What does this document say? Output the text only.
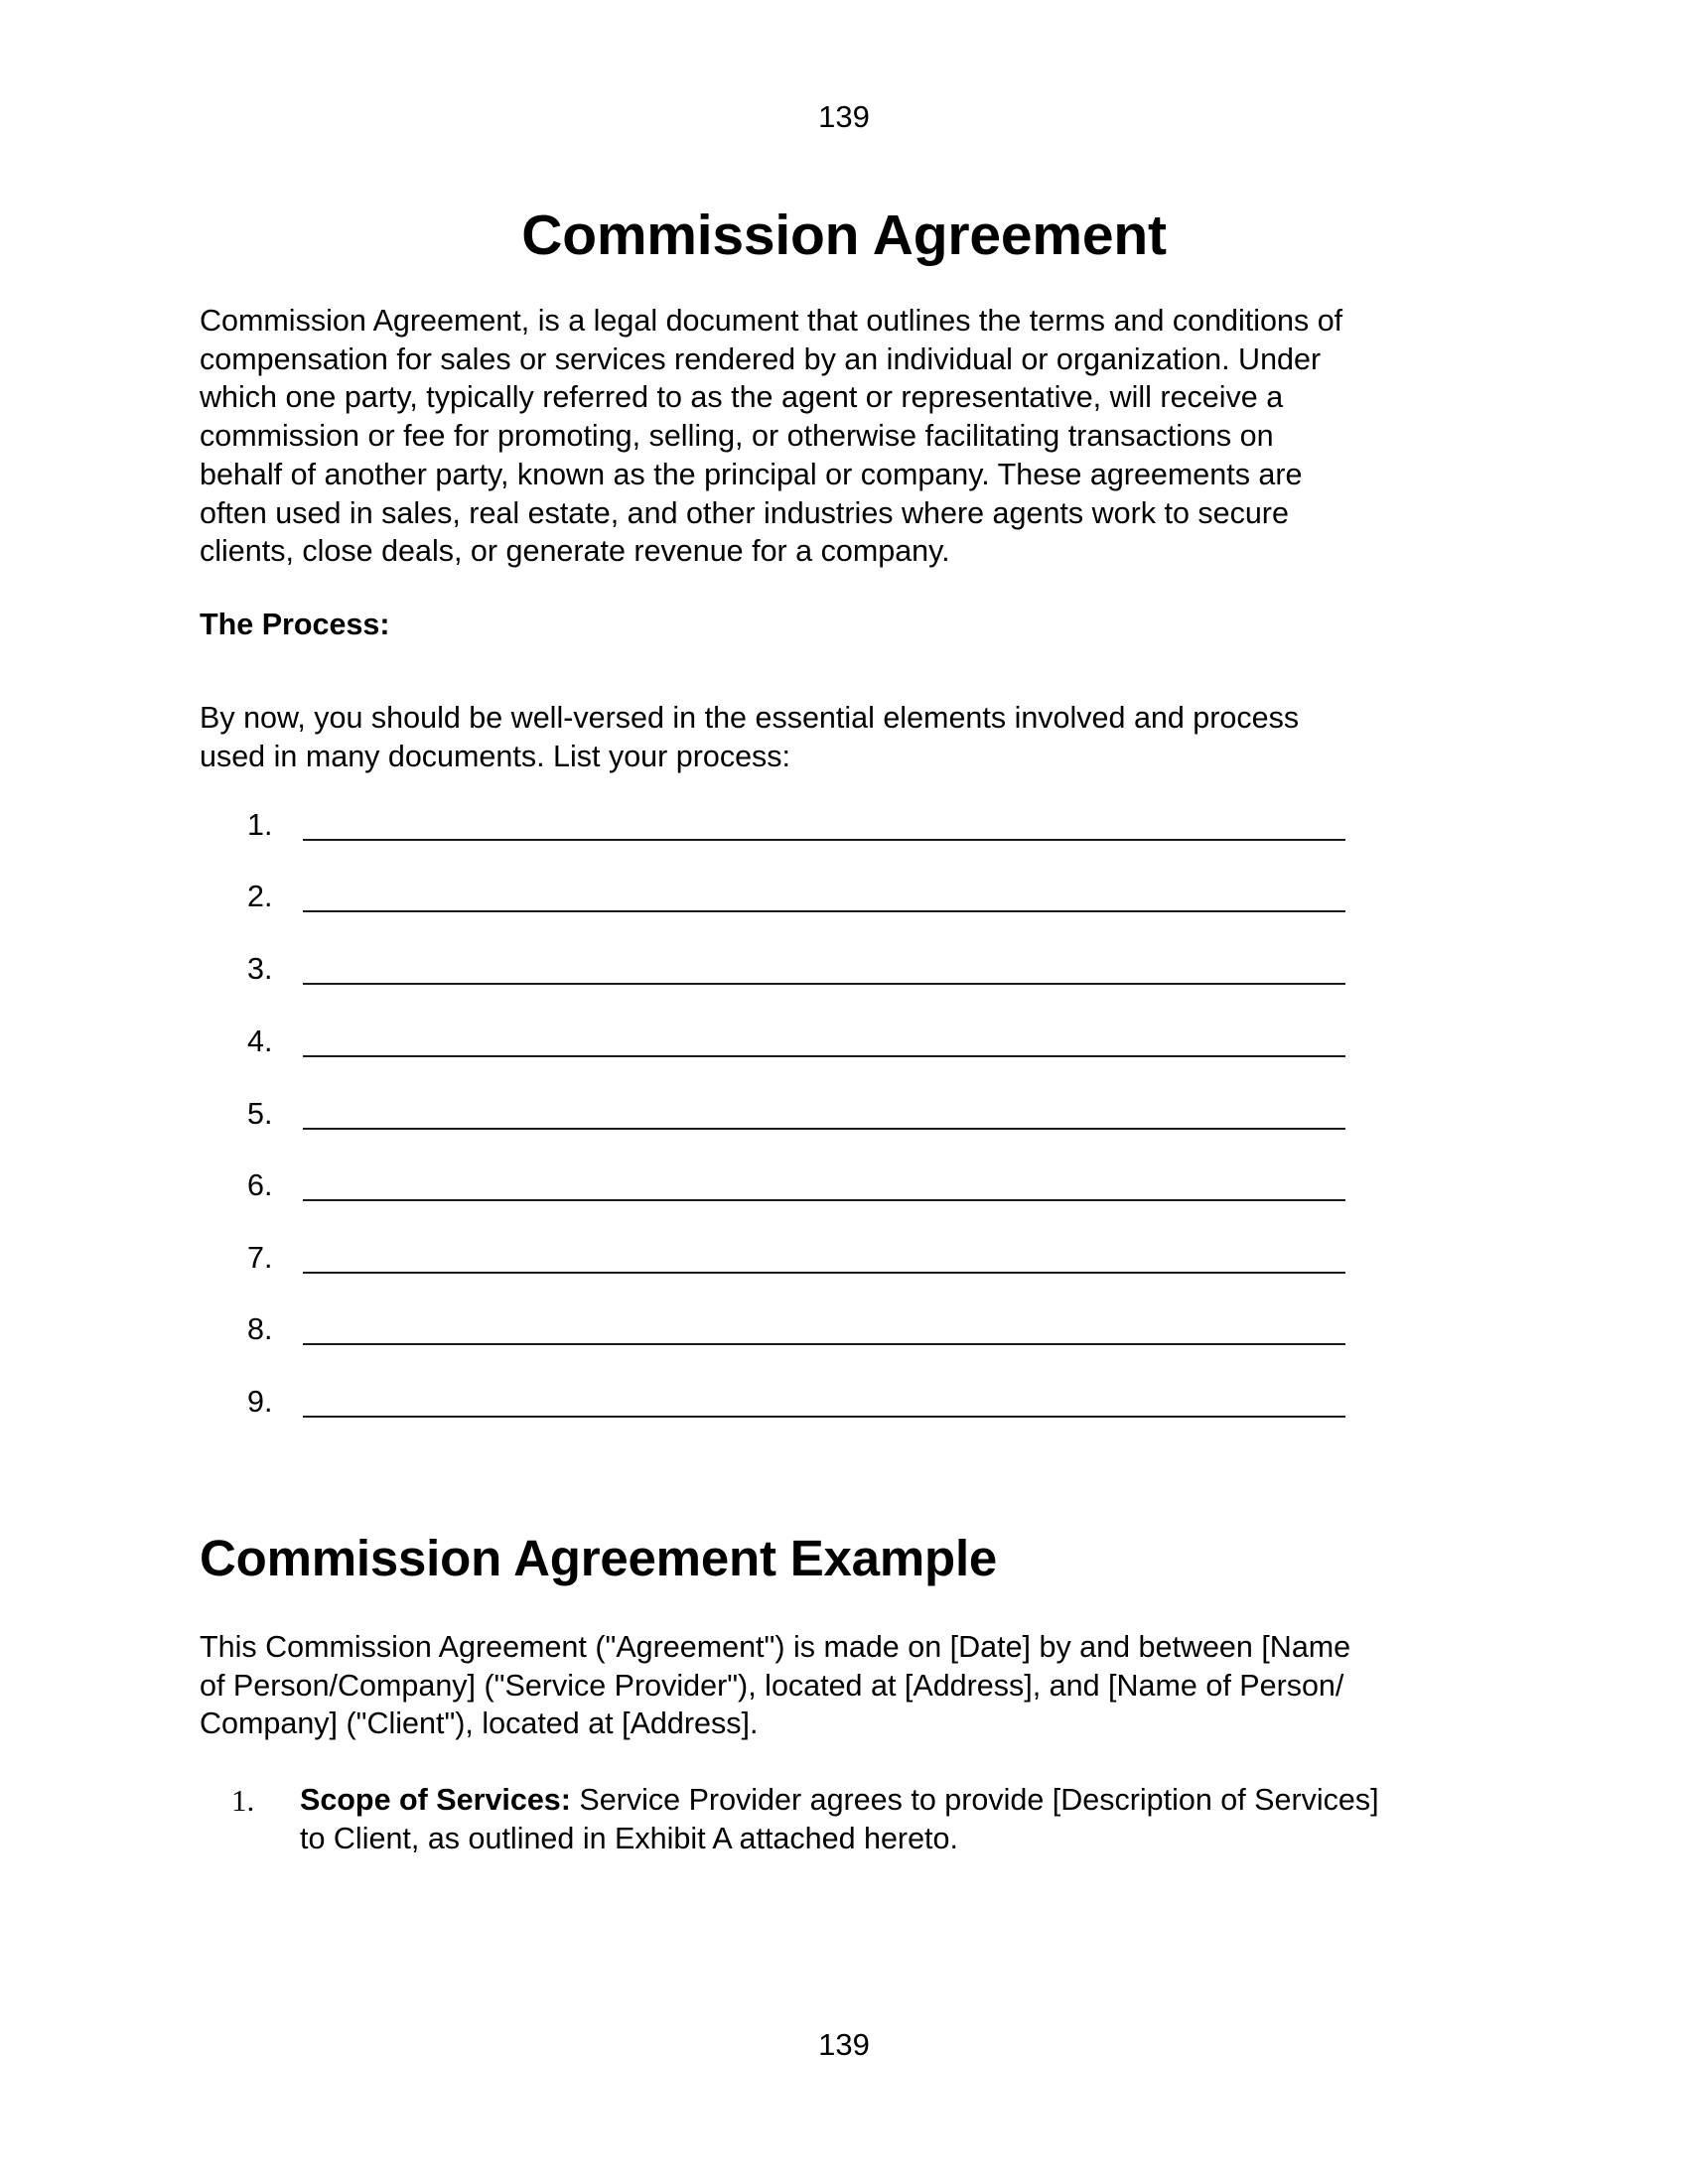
139
Commission Agreement
Commission Agreement, is a legal document that outlines the terms and conditions of
compensation for sales or services rendered by an individual or organization. Under
which one party, typically referred to as the agent or representative, will receive a
commission or fee for promoting, selling, or otherwise facilitating transactions on
behalf of another party, known as the principal or company. These agreements are
often used in sales, real estate, and other industries where agents work to secure
clients, close deals, or generate revenue for a company.
The Process:
By now, you should be well-versed in the essential elements involved and process
used in many documents. List your process:
1.
2.
3.
4.
5.
6.
7.
8.
9.
Commission Agreement Example
This Commission Agreement ("Agreement") is made on [Date] by and between [Name
of Person/Company] ("Service Provider"), located at [Address], and [Name of Person/
Company] ("Client"), located at [Address].
1. Scope of Services: Service Provider agrees to provide [Description of Services]
to Client, as outlined in Exhibit A attached hereto.
139
